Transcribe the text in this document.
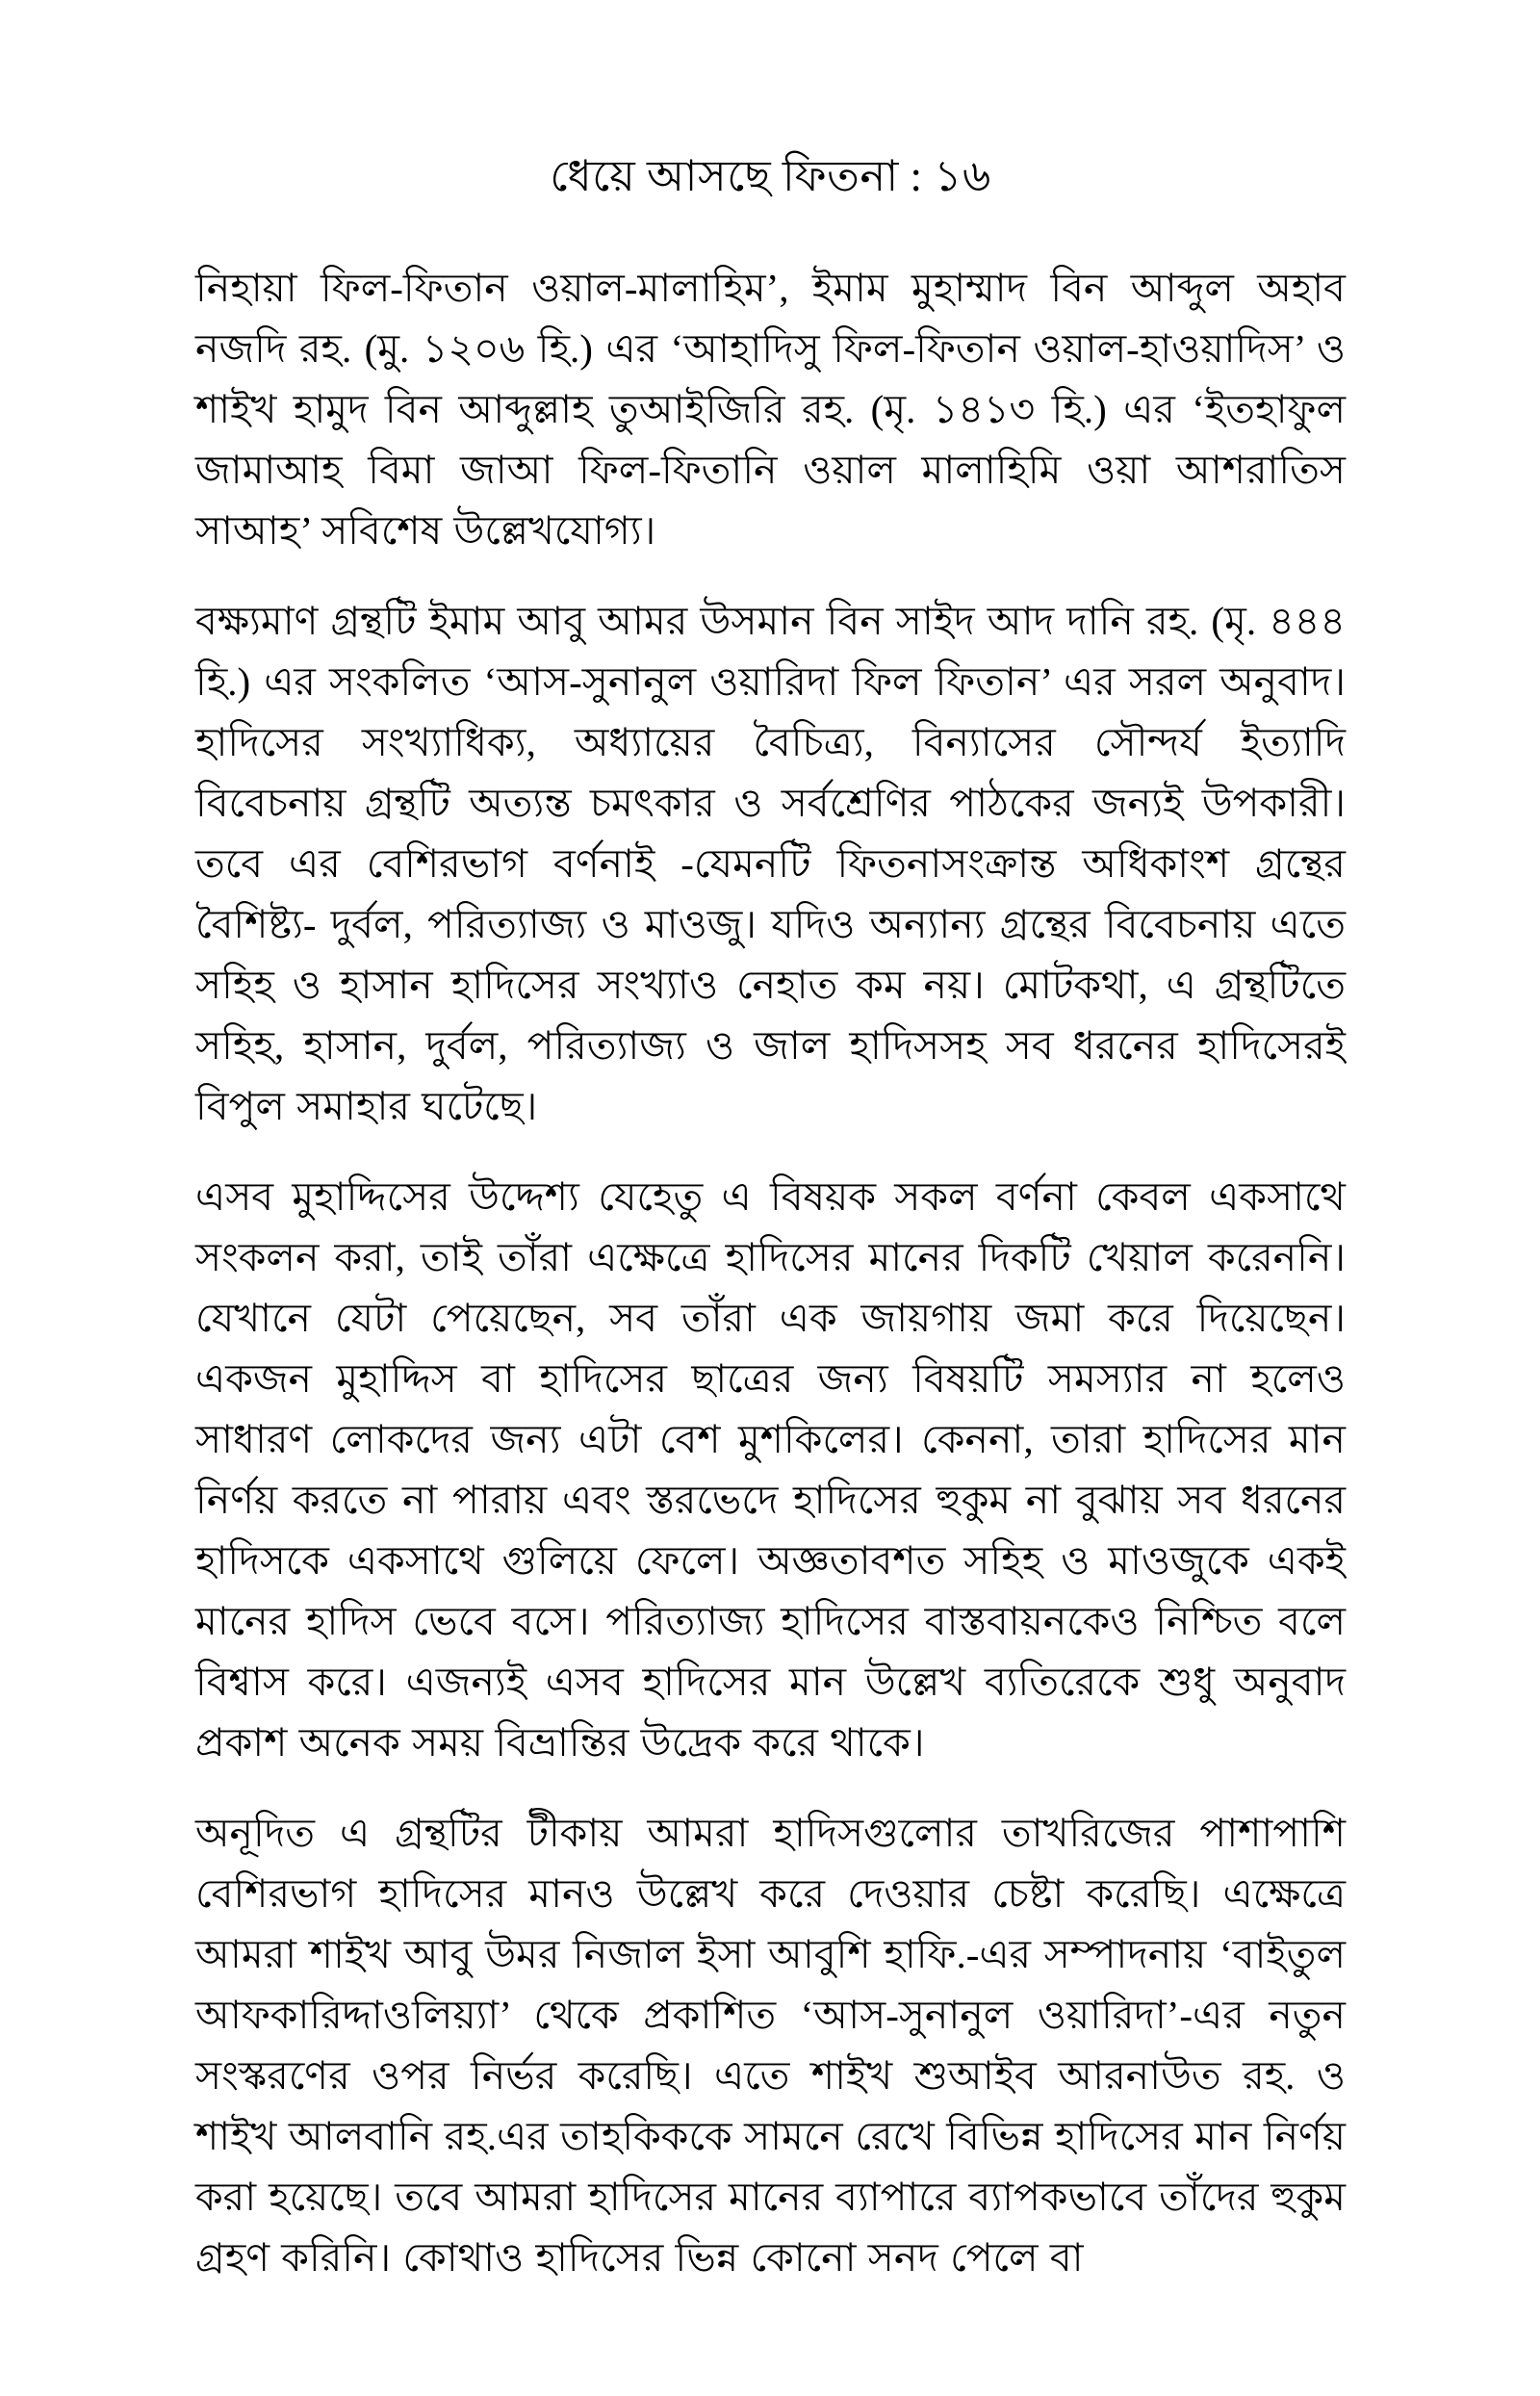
ধেয়ে আসছে ফিতনা : ১৬

নিহায়া ফিল-ফিতান ওয়াল-মালাহিম’, ইমাম মুহাম্মাদ বিন আব্দুল অহাব নজদি রহ. (মু. ১২০৬ হি.) এর ‘আহাদিসু ফিল-ফিতান ওয়াল-হাওয়াদিস’ ও শাইখ হামুদ বিন আব্দুল্লাহ তুআইজিরি রহ. (মৃ. ১৪১৩ হি.) এর ‘ইতহাফুল জামাআহ বিমা জাআ ফিল-ফিতানি ওয়াল মালাহিমি ওয়া আশরাতিস সাআহ’ সবিশেষ উল্লেখযোগ্য।

বক্ষ্যমাণ গ্রন্থটি ইমাম আবু আমর উসমান বিন সাইদ আদ দানি রহ. (মৃ. ৪৪৪ হি.) এর সংকলিত ‘আস-সুনানুল ওয়ারিদা ফিল ফিতান’ এর সরল অনুবাদ। হাদিসের সংখ্যাধিক্য, অধ্যায়ের বৈচিত্র্য, বিন্যাসের সৌন্দর্য ইত্যাদি বিবেচনায় গ্রন্থটি অত্যন্ত চমৎকার ও সর্বশ্রেণির পাঠকের জন্যই উপকারী। তবে এর বেশিরভাগ বর্ণনাই -যেমনটি ফিতনাসংক্রান্ত অধিকাংশ গ্রন্থের বৈশিষ্ট্য- দুর্বল, পরিত্যাজ্য ও মাওজু। যদিও অন্যান্য গ্রন্থের বিবেচনায় এতে সহিহ ও হাসান হাদিসের সংখ্যাও নেহাত কম নয়। মোটকথা, এ গ্রন্থটিতে সহিহ, হাসান, দুর্বল, পরিত্যাজ্য ও জাল হাদিসসহ সব ধরনের হাদিসেরই বিপুল সমাহার ঘটেছে।

এসব মুহাদ্দিসের উদ্দেশ্য যেহেতু এ বিষয়ক সকল বর্ণনা কেবল একসাথে সংকলন করা, তাই তাঁরা এক্ষেত্রে হাদিসের মানের দিকটি খেয়াল করেননি। যেখানে যেটা পেয়েছেন, সব তাঁরা এক জায়গায় জমা করে দিয়েছেন। একজন মুহাদ্দিস বা হাদিসের ছাত্রের জন্য বিষয়টি সমস্যার না হলেও সাধারণ লোকদের জন্য এটা বেশ মুশকিলের। কেননা, তারা হাদিসের মান নির্ণয় করতে না পারায় এবং স্তরভেদে হাদিসের হুকুম না বুঝায় সব ধরনের হাদিসকে একসাথে গুলিয়ে ফেলে। অজ্ঞতাবশত সহিহ ও মাওজুকে একই মানের হাদিস ভেবে বসে। পরিত্যাজ্য হাদিসের বাস্তবায়নকেও নিশ্চিত বলে বিশ্বাস করে। এজন্যই এসব হাদিসের মান উল্লেখ ব্যতিরেকে শুধু অনুবাদ প্রকাশ অনেক সময় বিভ্রান্তির উদ্রেক করে থাকে।

অনূদিত এ গ্রন্থটির টীকায় আমরা হাদিসগুলোর তাখরিজের পাশাপাশি বেশিরভাগ হাদিসের মানও উল্লেখ করে দেওয়ার চেষ্টা করেছি। এক্ষেত্রে আমরা শাইখ আবু উমর নিজাল ইসা আবুশি হাফি.-এর সম্পাদনায় ‘বাইতুল আফকারিদ্দাওলিয়্যা’ থেকে প্রকাশিত ‘আস-সুনানুল ওয়ারিদা’-এর নতুন সংস্করণের ওপর নির্ভর করেছি। এতে শাইখ শুআইব আরনাউত রহ. ও শাইখ আলবানি রহ.এর তাহকিককে সামনে রেখে বিভিন্ন হাদিসের মান নির্ণয় করা হয়েছে। তবে আমরা হাদিসের মানের ব্যাপারে ব্যাপকভাবে তাঁদের হুকুম গ্রহণ করিনি। কোথাও হাদিসের ভিন্ন কোনো সনদ পেলে বা
